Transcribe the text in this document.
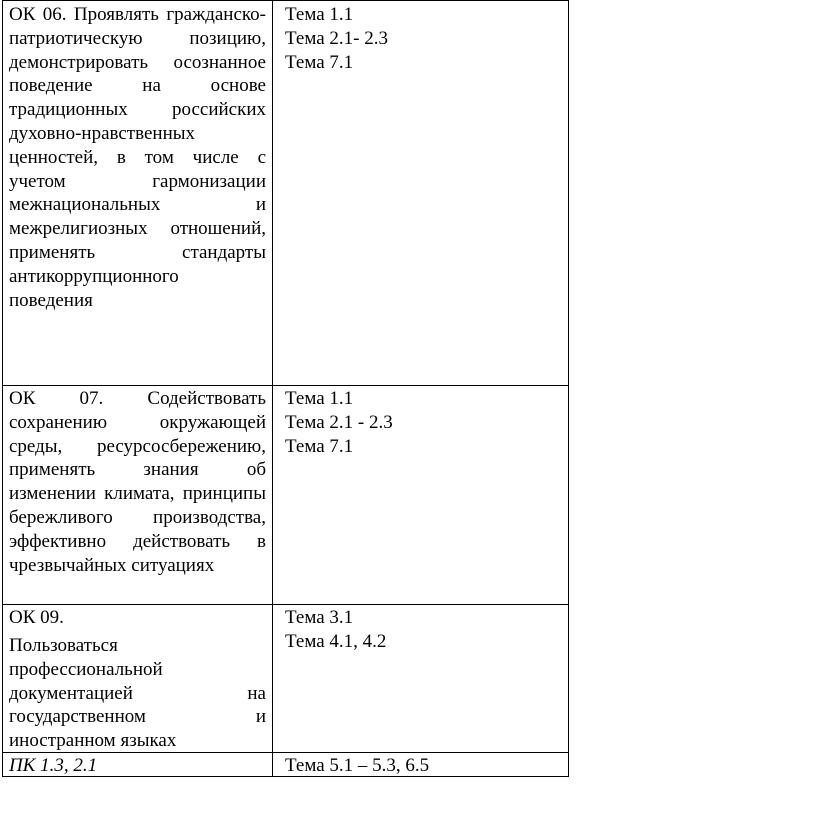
ОК 06. Проявлять гражданско-патриотическую позицию, демонстрировать осознанное поведение на основе традиционных российских духовно-нравственных ценностей, в том числе с учетом гармонизации межнациональных и межрелигиозных отношений, применять стандарты антикоррупционного поведения
Тема 1.1
Тема 2.1- 2.3
Тема 7.1
ОК 07. Содействовать сохранению окружающей среды, ресурсосбережению, применять знания об изменении климата, принципы бережливого производства, эффективно действовать в чрезвычайных ситуациях
Тема 1.1
Тема 2.1 - 2.3
Тема 7.1
ОК 09.
Пользоваться профессиональной документацией на государственном и иностранном языках
Тема 3.1
Тема 4.1, 4.2
ПК 1.3, 2.1	Тема 5.1 – 5.3, 6.5
